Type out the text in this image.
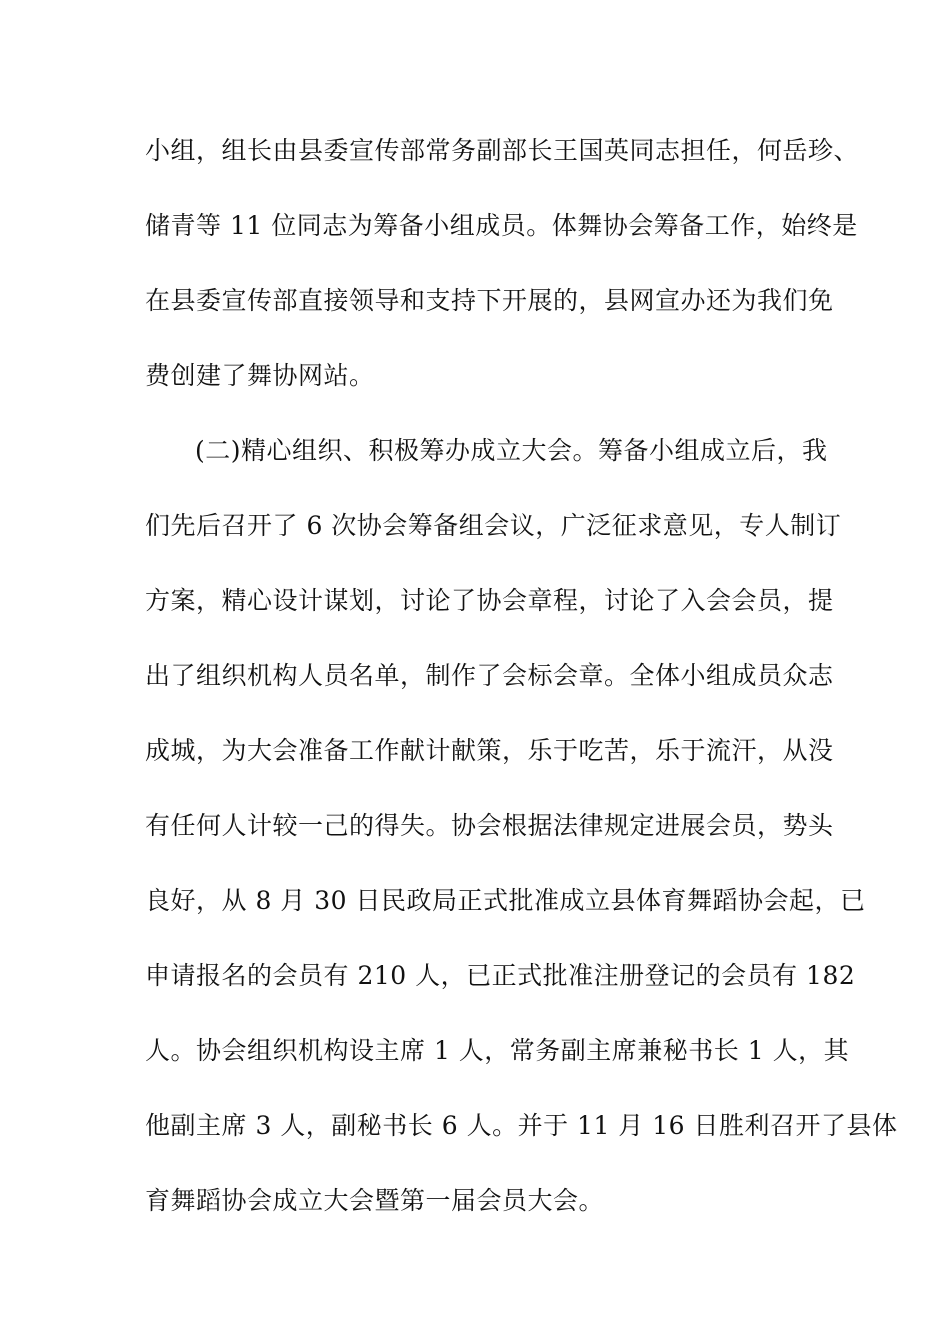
小组，组长由县委宣传部常务副部长王国英同志担任，何岳珍、
储青等 11 位同志为筹备小组成员。体舞协会筹备工作，始终是
在县委宣传部直接领导和支持下开展的，县网宣办还为我们免
费创建了舞协网站。
(二)精心组织、积极筹办成立大会。筹备小组成立后，我
们先后召开了 6 次协会筹备组会议，广泛征求意见，专人制订
方案，精心设计谋划，讨论了协会章程，讨论了入会会员，提
出了组织机构人员名单，制作了会标会章。全体小组成员众志
成城，为大会准备工作献计献策，乐于吃苦，乐于流汗，从没
有任何人计较一己的得失。协会根据法律规定进展会员，势头
良好，从 8 月 30 日民政局正式批准成立县体育舞蹈协会起，已
申请报名的会员有 210 人，已正式批准注册登记的会员有 182
人。协会组织机构设主席 1 人，常务副主席兼秘书长 1 人，其
他副主席 3 人，副秘书长 6 人。并于 11 月 16 日胜利召开了县体
育舞蹈协会成立大会暨第一届会员大会。
